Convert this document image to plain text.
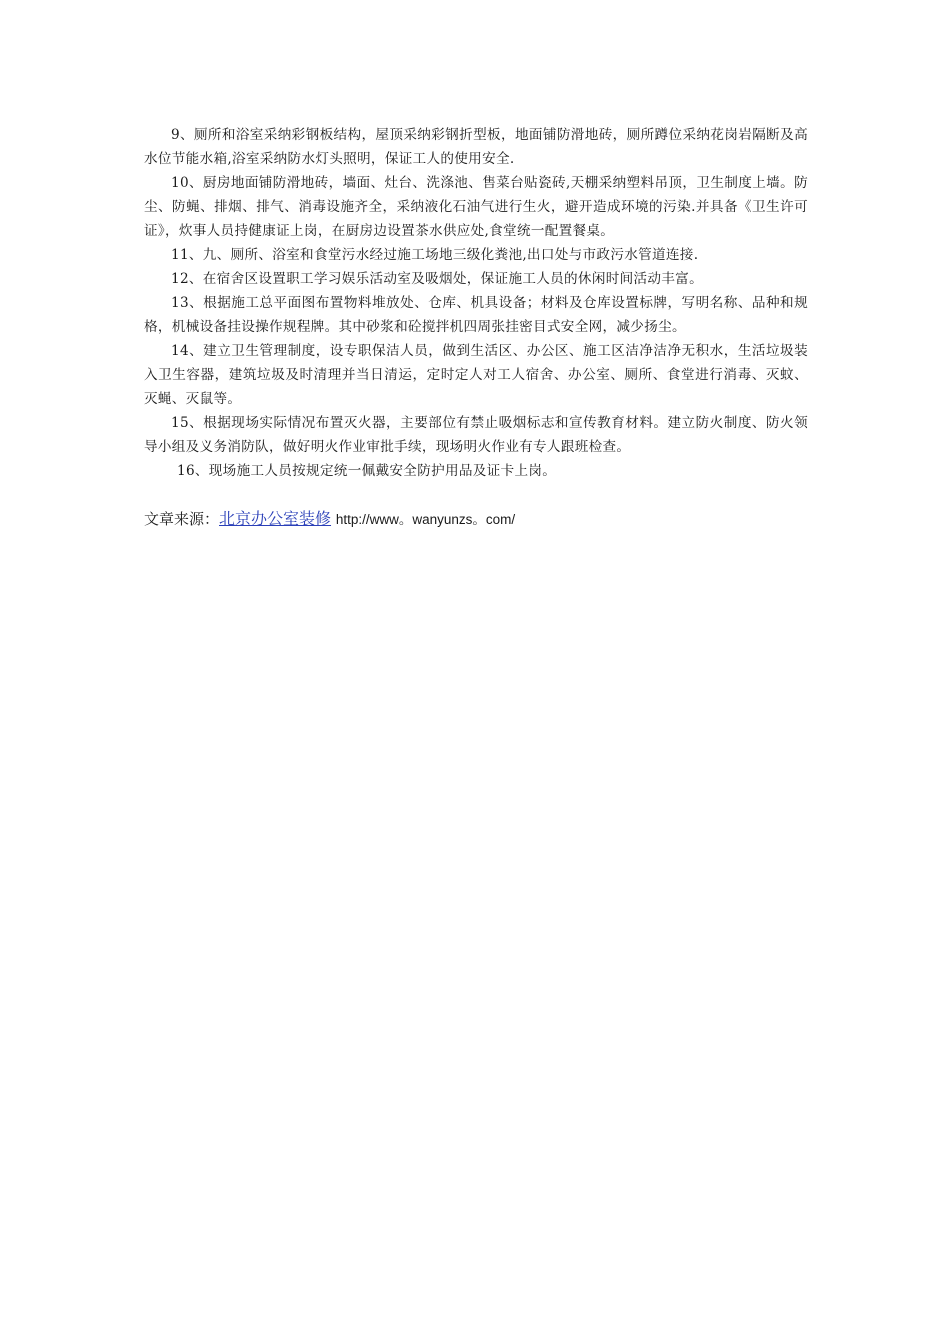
9、厕所和浴室采纳彩钢板结构，屋顶采纳彩钢折型板，地面铺防滑地砖，厕所蹲位采纳花岗岩隔断及高水位节能水箱,浴室采纳防水灯头照明，保证工人的使用安全.

10、厨房地面铺防滑地砖，墙面、灶台、洗涤池、售菜台贴瓷砖,天棚采纳塑料吊顶，卫生制度上墙。防尘、防蝇、排烟、排气、消毒设施齐全，采纳液化石油气进行生火，避开造成环境的污染.并具备《卫生许可证》，炊事人员持健康证上岗，在厨房边设置茶水供应处,食堂统一配置餐桌。

11、九、厕所、浴室和食堂污水经过施工场地三级化粪池,出口处与市政污水管道连接.

12、在宿舍区设置职工学习娱乐活动室及吸烟处，保证施工人员的休闲时间活动丰富。

13、根据施工总平面图布置物料堆放处、仓库、机具设备；材料及仓库设置标牌，写明名称、品种和规格，机械设备挂设操作规程牌。其中砂浆和砼搅拌机四周张挂密目式安全网，减少扬尘。

14、建立卫生管理制度，设专职保洁人员，做到生活区、办公区、施工区洁净洁净无积水，生活垃圾装入卫生容器，建筑垃圾及时清理并当日清运，定时定人对工人宿舍、办公室、厕所、食堂进行消毒、灭蚊、灭蝇、灭鼠等。

15、根据现场实际情况布置灭火器，主要部位有禁止吸烟标志和宣传教育材料。建立防火制度、防火领导小组及义务消防队，做好明火作业审批手续，现场明火作业有专人跟班检查。

16、现场施工人员按规定统一佩戴安全防护用品及证卡上岗。

文章来源：北京办公室装修 http://www。wanyunzs。com/
